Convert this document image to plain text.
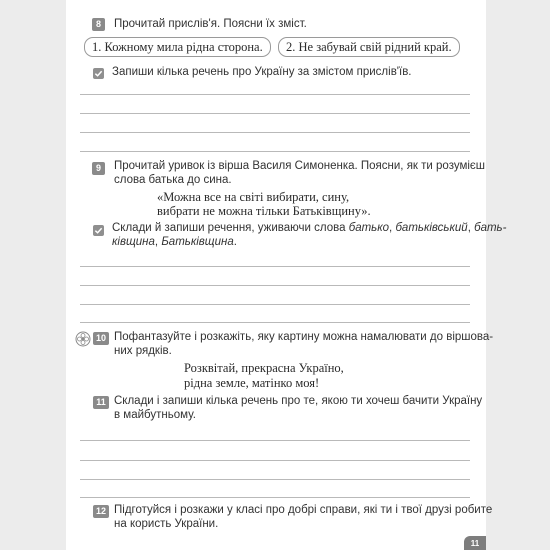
8	Прочитай прислів'я. Поясни їх зміст.
1. Кожному мила рідна сторона.	2. Не забувай свій рідний край.
Запиши кілька речень про Україну за змістом прислів'їв.
9	Прочитай уривок із вірша Василя Симоненка. Поясни, як ти розумієш
слова батька до сина.
«Можна все на світі вибирати, сину,
вибрати не можна тільки Батьківщину».
Склади й запиши речення, уживаючи слова батько, батьківський, бать-
ківщина, Батьківщина.
10 Пофантазуйте і розкажіть, яку картину можна намалювати до віршова-
них рядків.
Розквітай, прекрасна Україно,
рідна земле, матінко моя!
11 Склади і запиши кілька речень про те, якою ти хочеш бачити Україну
в майбутньому.
12 Підготуйся і розкажи у класі про добрі справи, які ти і твої друзі робите
на користь України.
11
